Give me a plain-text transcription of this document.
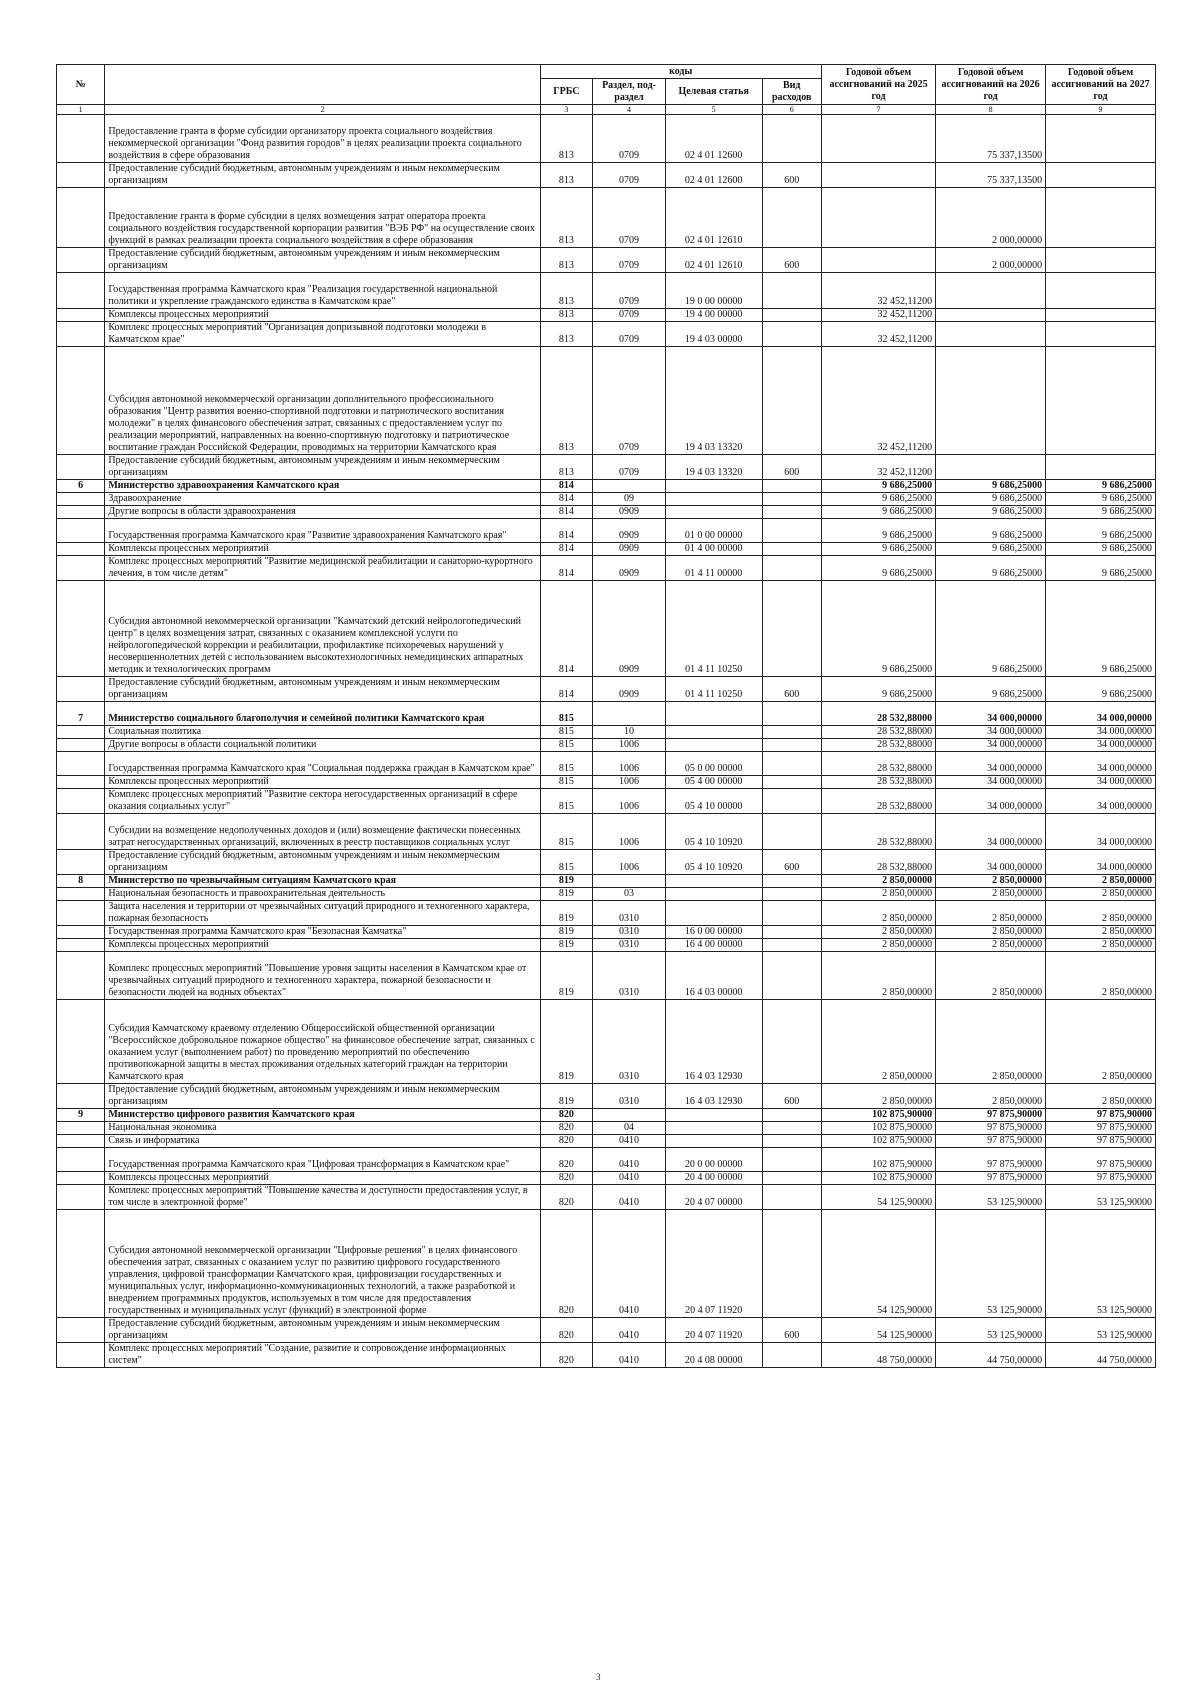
№		коды				Годовой объем ассигнований на 2025 год	Годовой объем ассигнований на 2026 год	Годовой объем ассигнований на 2027 год
		ГРБС	Раздел, под-раздел	Целевая статья	Вид расходов			
1	2	3	4	5	6	7	8	9
	Предоставление гранта в форме субсидии организатору проекта социального воздействия некоммерческой организации "Фонд развития городов" в целях реализации проекта социального воздействия в сфере образования	813	0709	02 4 01 12600			75 337,13500	
	Предоставление субсидий бюджетным, автономным учреждениям и иным некоммерческим организациям	813	0709	02 4 01 12600	600		75 337,13500	
	Предоставление гранта в форме субсидии в целях возмещения затрат оператора проекта социального воздействия государственной корпорации развития "ВЭБ РФ" на осуществление своих функций в рамках реализации проекта социального воздействия в сфере образования	813	0709	02 4 01 12610			2 000,00000	
	Предоставление субсидий бюджетным, автономным учреждениям и иным некоммерческим организациям	813	0709	02 4 01 12610	600		2 000,00000	
	Государственная программа Камчатского края "Реализация государственной национальной политики и укрепление гражданского единства в Камчатском крае"	813	0709	19 0 00 00000		32 452,11200		
	Комплексы процессных мероприятий	813	0709	19 4 00 00000		32 452,11200		
	Комплекс процессных мероприятий "Организация допризывной подготовки молодежи в Камчатском крае"	813	0709	19 4 03 00000		32 452,11200		
	Субсидия автономной некоммерческой организации дополнительного профессионального образования "Центр развития военно-спортивной подготовки и патриотического воспитания молодежи" в целях финансового обеспечения затрат, связанных с предоставлением услуг по реализации мероприятий, направленных на военно-спортивную подготовку и патриотическое воспитание граждан Российской Федерации, проводимых на территории Камчатского края	813	0709	19 4 03 13320		32 452,11200		
	Предоставление субсидий бюджетным, автономным учреждениям и иным некоммерческим организациям	813	0709	19 4 03 13320	600	32 452,11200		
6	Министерство здравоохранения Камчатского края	814				9 686,25000	9 686,25000	9 686,25000
	Здравоохранение	814	09			9 686,25000	9 686,25000	9 686,25000
	Другие вопросы в области здравоохранения	814	0909			9 686,25000	9 686,25000	9 686,25000
	Государственная программа Камчатского края "Развитие здравоохранения Камчатского края"	814	0909	01 0 00 00000		9 686,25000	9 686,25000	9 686,25000
	Комплексы процессных мероприятий	814	0909	01 4 00 00000		9 686,25000	9 686,25000	9 686,25000
	Комплекс процессных мероприятий "Развитие медицинской реабилитации и санаторно-курортного лечения, в том числе детям"	814	0909	01 4 11 00000		9 686,25000	9 686,25000	9 686,25000
	Субсидия автономной некоммерческой организации "Камчатский детский нейрологопедический центр" в целях возмещения затрат, связанных с оказанием комплексной услуги по нейрологопедической коррекции и реабилитации, профилактике психоречевых нарушений у несовершеннолетних детей с использованием высокотехнологичных немедицинских аппаратных методик и технологических программ	814	0909	01 4 11 10250		9 686,25000	9 686,25000	9 686,25000
	Предоставление субсидий бюджетным, автономным учреждениям и иным некоммерческим организациям	814	0909	01 4 11 10250	600	9 686,25000	9 686,25000	9 686,25000
7	Министерство социального благополучия и семейной политики Камчатского края	815				28 532,88000	34 000,00000	34 000,00000
	Социальная политика	815	10			28 532,88000	34 000,00000	34 000,00000
	Другие вопросы в области социальной политики	815	1006			28 532,88000	34 000,00000	34 000,00000
	Государственная программа Камчатского края "Социальная поддержка граждан в Камчатском крае"	815	1006	05 0 00 00000		28 532,88000	34 000,00000	34 000,00000
	Комплексы процессных мероприятий	815	1006	05 4 00 00000		28 532,88000	34 000,00000	34 000,00000
	Комплекс процессных мероприятий "Развитие сектора негосударственных организаций в сфере оказания социальных услуг"	815	1006	05 4 10 00000		28 532,88000	34 000,00000	34 000,00000
	Субсидии на возмещение недополученных доходов и (или) возмещение фактически понесенных затрат негосударственных организаций, включенных в реестр поставщиков социальных услуг	815	1006	05 4 10 10920		28 532,88000	34 000,00000	34 000,00000
	Предоставление субсидий бюджетным, автономным учреждениям и иным некоммерческим организациям	815	1006	05 4 10 10920	600	28 532,88000	34 000,00000	34 000,00000
8	Министерство по чрезвычайным ситуациям Камчатского края	819				2 850,00000	2 850,00000	2 850,00000
	Национальная безопасность и правоохранительная деятельность	819	03			2 850,00000	2 850,00000	2 850,00000
	Защита населения и территории от чрезвычайных ситуаций природного и техногенного характера, пожарная безопасность	819	0310			2 850,00000	2 850,00000	2 850,00000
	Государственная программа Камчатского края "Безопасная Камчатка"	819	0310	16 0 00 00000		2 850,00000	2 850,00000	2 850,00000
	Комплексы процессных мероприятий	819	0310	16 4 00 00000		2 850,00000	2 850,00000	2 850,00000
	Комплекс процессных мероприятий "Повышение уровня защиты населения в Камчатском крае от чрезвычайных ситуаций природного и техногенного характера, пожарной безопасности и безопасности людей на водных объектах"	819	0310	16 4 03 00000		2 850,00000	2 850,00000	2 850,00000
	Субсидия Камчатскому краевому отделению Общероссийской общественной организации "Всероссийское добровольное пожарное общество" на финансовое обеспечение затрат, связанных с оказанием услуг (выполнением работ) по проведению мероприятий по обеспечению противопожарной защиты в местах проживания отдельных категорий граждан на территории Камчатского края	819	0310	16 4 03 12930		2 850,00000	2 850,00000	2 850,00000
	Предоставление субсидий бюджетным, автономным учреждениям и иным некоммерческим организациям	819	0310	16 4 03 12930	600	2 850,00000	2 850,00000	2 850,00000
9	Министерство цифрового развития Камчатского края	820				102 875,90000	97 875,90000	97 875,90000
	Национальная экономика	820	04			102 875,90000	97 875,90000	97 875,90000
	Связь и информатика	820	0410			102 875,90000	97 875,90000	97 875,90000
	Государственная программа Камчатского края "Цифровая трансформация в Камчатском крае"	820	0410	20 0 00 00000		102 875,90000	97 875,90000	97 875,90000
	Комплексы процессных мероприятий	820	0410	20 4 00 00000		102 875,90000	97 875,90000	97 875,90000
	Комплекс процессных мероприятий "Повышение качества и доступности предоставления услуг, в том числе в электронной форме"	820	0410	20 4 07 00000		54 125,90000	53 125,90000	53 125,90000
	Субсидия автономной некоммерческой организации "Цифровые решения" в целях финансового обеспечения затрат, связанных с оказанием услуг по развитию цифрового государственного управления, цифровой трансформации Камчатского края, цифровизации государственных и муниципальных услуг, информационно-коммуникационных технологий, а также разработкой и внедрением программных продуктов, используемых в том числе для предоставления государственных и муниципальных услуг (функций) в электронной форме	820	0410	20 4 07 11920		54 125,90000	53 125,90000	53 125,90000
	Предоставление субсидий бюджетным, автономным учреждениям и иным некоммерческим организациям	820	0410	20 4 07 11920	600	54 125,90000	53 125,90000	53 125,90000
	Комплекс процессных мероприятий "Создание, развитие и сопровождение информационных систем"	820	0410	20 4 08 00000		48 750,00000	44 750,00000	44 750,00000
3
